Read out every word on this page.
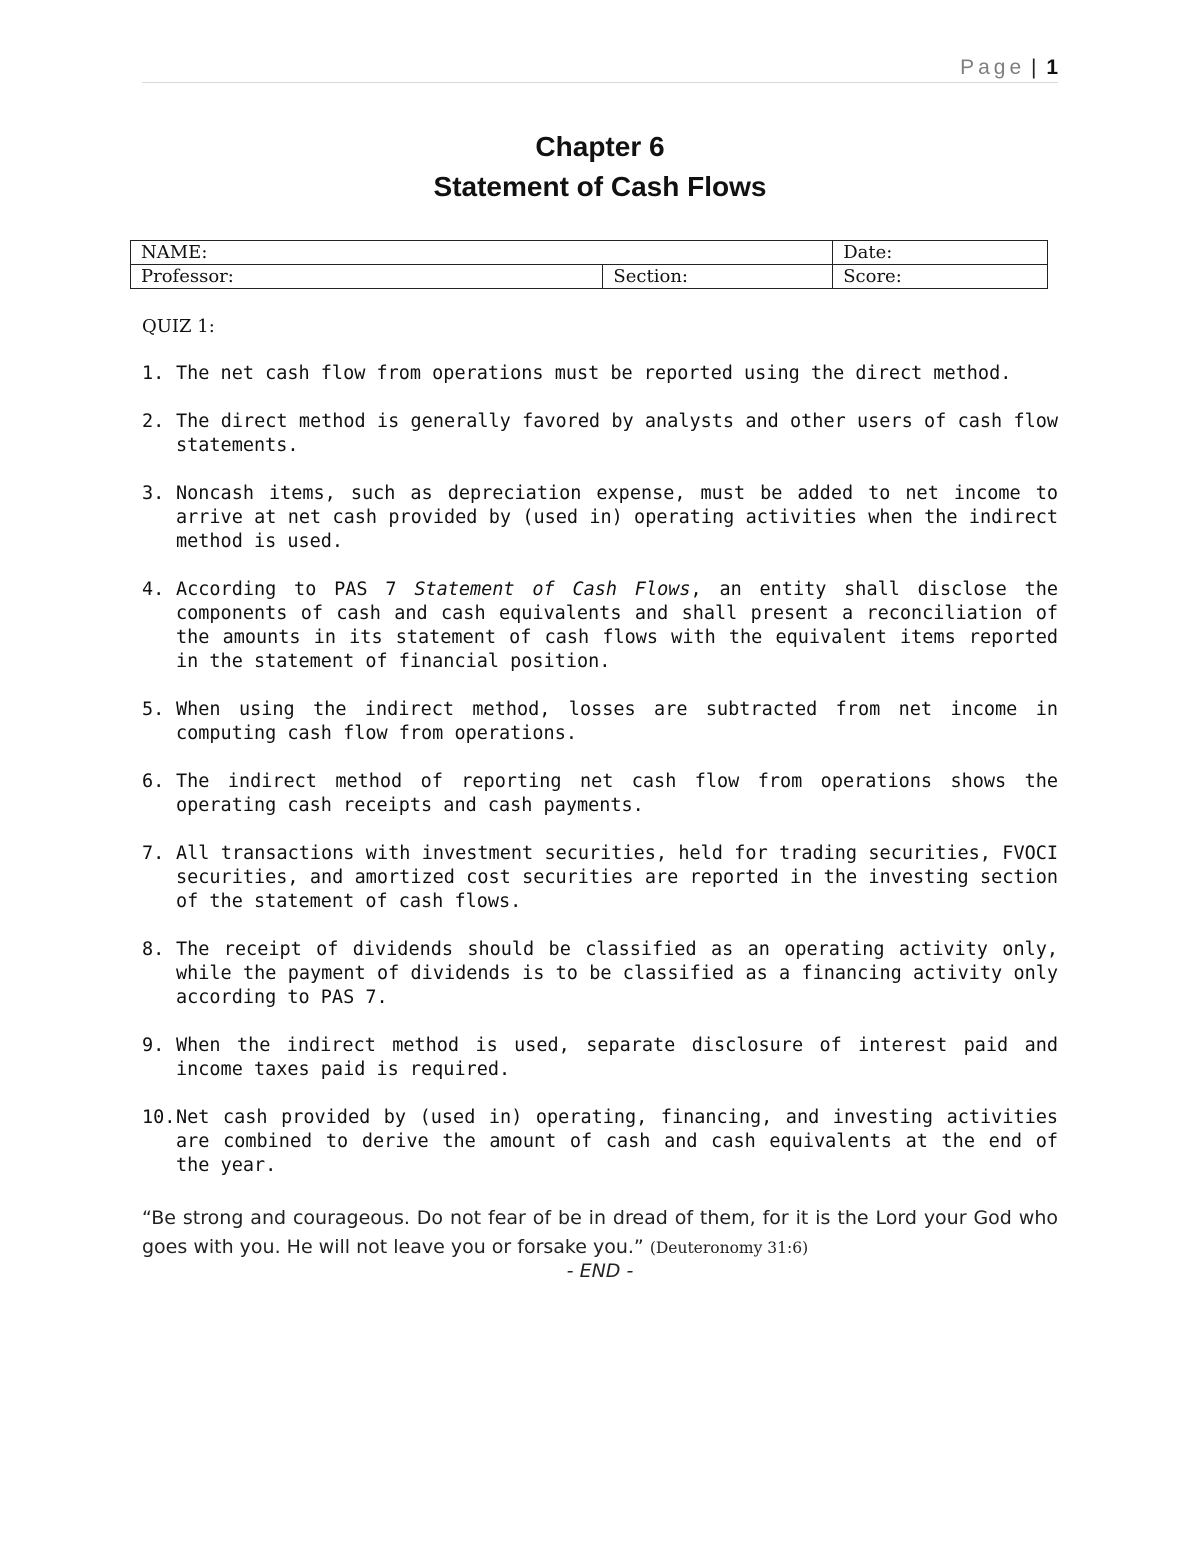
Page | 1
Chapter 6
Statement of Cash Flows
NAME:		Date:
Professor:	Section:	Score:
QUIZ 1:
1. The net cash flow from operations must be reported using the direct method.
2. The direct method is generally favored by analysts and other users of cash flow statements.
3. Noncash items, such as depreciation expense, must be added to net income to arrive at net cash provided by (used in) operating activities when the indirect method is used.
4. According to PAS 7 Statement of Cash Flows, an entity shall disclose the components of cash and cash equivalents and shall present a reconciliation of the amounts in its statement of cash flows with the equivalent items reported in the statement of financial position.
5. When using the indirect method, losses are subtracted from net income in computing cash flow from operations.
6. The indirect method of reporting net cash flow from operations shows the operating cash receipts and cash payments.
7. All transactions with investment securities, held for trading securities, FVOCI securities, and amortized cost securities are reported in the investing section of the statement of cash flows.
8. The receipt of dividends should be classified as an operating activity only, while the payment of dividends is to be classified as a financing activity only according to PAS 7.
9. When the indirect method is used, separate disclosure of interest paid and income taxes paid is required.
10. Net cash provided by (used in) operating, financing, and investing activities are combined to derive the amount of cash and cash equivalents at the end of the year.
“Be strong and courageous. Do not fear of be in dread of them, for it is the Lord your God who goes with you. He will not leave you or forsake you.” (Deuteronomy 31:6)
- END -
